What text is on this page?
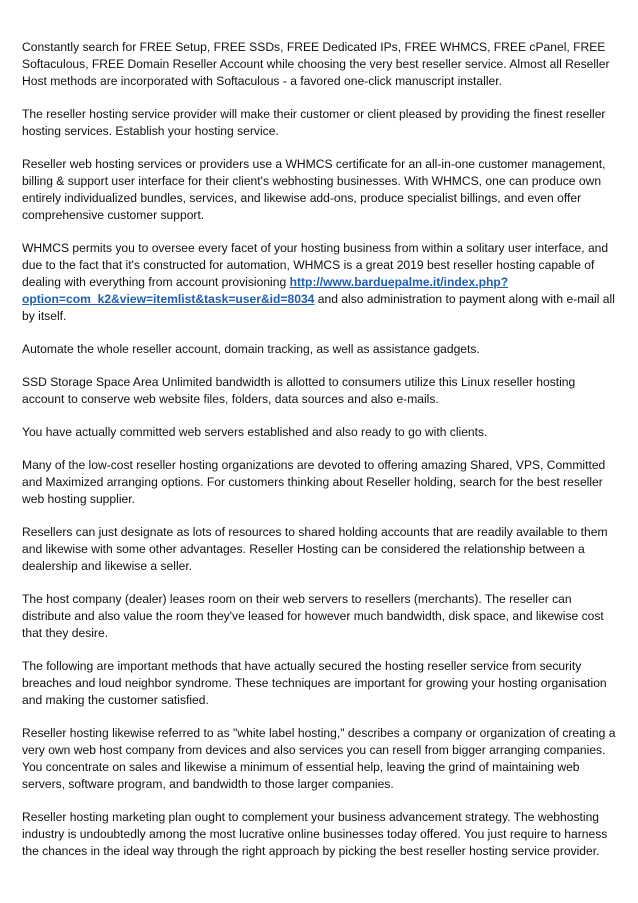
Constantly search for FREE Setup, FREE SSDs, FREE Dedicated IPs, FREE WHMCS, FREE cPanel, FREE Softaculous, FREE Domain Reseller Account while choosing the very best reseller service. Almost all Reseller Host methods are incorporated with Softaculous - a favored one-click manuscript installer.

The reseller hosting service provider will make their customer or client pleased by providing the finest reseller hosting services. Establish your hosting service.

Reseller web hosting services or providers use a WHMCS certificate for an all-in-one customer management, billing & support user interface for their client's webhosting businesses. With WHMCS, one can produce own entirely individualized bundles, services, and likewise add-ons, produce specialist billings, and even offer comprehensive customer support.

WHMCS permits you to oversee every facet of your hosting business from within a solitary user interface, and due to the fact that it's constructed for automation, WHMCS is a great 2019 best reseller hosting capable of dealing with everything from account provisioning http://www.barduepalme.it/index.php?option=com_k2&view=itemlist&task=user&id=8034 and also administration to payment along with e-mail all by itself.

Automate the whole reseller account, domain tracking, as well as assistance gadgets.

SSD Storage Space Area Unlimited bandwidth is allotted to consumers utilize this Linux reseller hosting account to conserve web website files, folders, data sources and also e-mails.

You have actually committed web servers established and also ready to go with clients.

Many of the low-cost reseller hosting organizations are devoted to offering amazing Shared, VPS, Committed and Maximized arranging options. For customers thinking about Reseller holding, search for the best reseller web hosting supplier.

Resellers can just designate as lots of resources to shared holding accounts that are readily available to them and likewise with some other advantages. Reseller Hosting can be considered the relationship between a dealership and likewise a seller.

The host company (dealer) leases room on their web servers to resellers (merchants). The reseller can distribute and also value the room they've leased for however much bandwidth, disk space, and likewise cost that they desire.

The following are important methods that have actually secured the hosting reseller service from security breaches and loud neighbor syndrome. These techniques are important for growing your hosting organisation and making the customer satisfied.

Reseller hosting likewise referred to as "white label hosting," describes a company or organization of creating a very own web host company from devices and also services you can resell from bigger arranging companies. You concentrate on sales and likewise a minimum of essential help, leaving the grind of maintaining web servers, software program, and bandwidth to those larger companies.

Reseller hosting marketing plan ought to complement your business advancement strategy. The webhosting industry is undoubtedly among the most lucrative online businesses today offered. You just require to harness the chances in the ideal way through the right approach by picking the best reseller hosting service provider.
